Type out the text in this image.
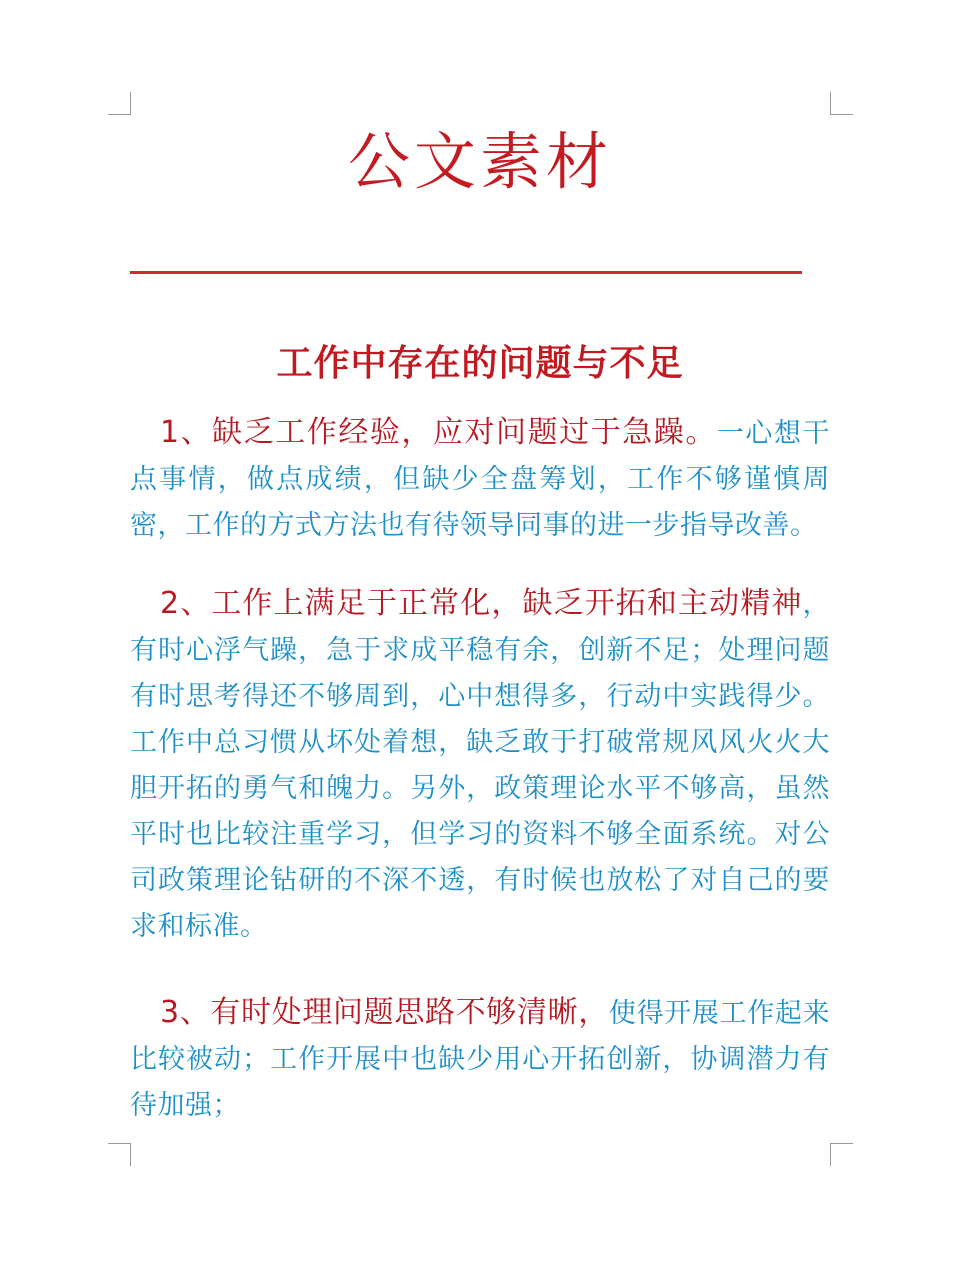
公文素材
工作中存在的问题与不足
1、缺乏工作经验，应对问题过于急躁。一心想干点事情，做点成绩，但缺少全盘筹划，工作不够谨慎周密，工作的方式方法也有待领导同事的进一步指导改善。
2、工作上满足于正常化，缺乏开拓和主动精神，有时心浮气躁，急于求成平稳有余，创新不足；处理问题有时思考得还不够周到，心中想得多，行动中实践得少。工作中总习惯从坏处着想，缺乏敢于打破常规风风火火大胆开拓的勇气和魄力。另外，政策理论水平不够高，虽然平时也比较注重学习，但学习的资料不够全面系统。对公司政策理论钻研的不深不透，有时候也放松了对自己的要求和标准。
3、有时处理问题思路不够清晰，使得开展工作起来比较被动；工作开展中也缺少用心开拓创新，协调潜力有待加强；
